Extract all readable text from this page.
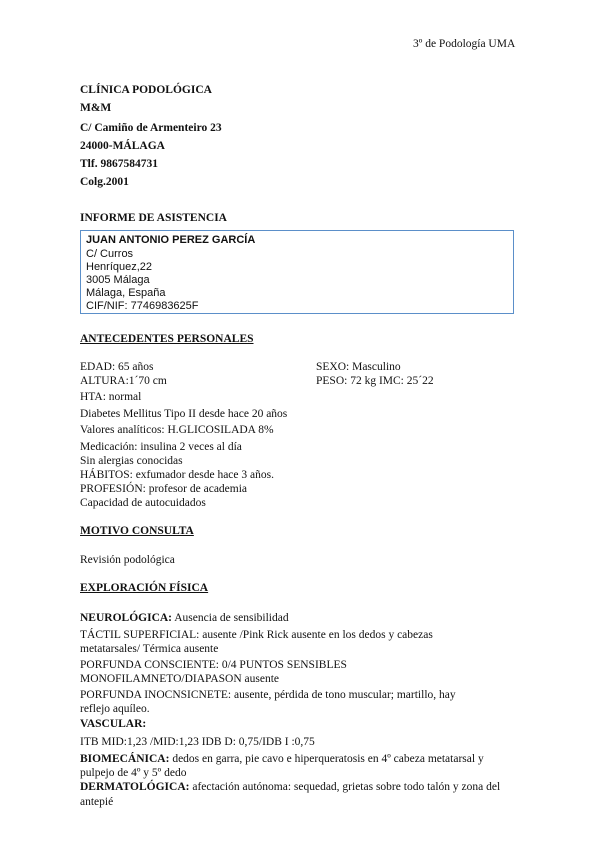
3º de Podología UMA
CLÍNICA PODOLÓGICA
M&M
C/ Camiño de Armenteiro 23
24000-MÁLAGA
Tlf. 9867584731
Colg.2001
INFORME DE ASISTENCIA
JUAN ANTONIO PEREZ GARCÍA
C/ Curros
Henríquez,22
3005 Málaga
Málaga, España
CIF/NIF: 7746983625F
ANTECEDENTES PERSONALES
EDAD: 65 años	SEXO: Masculino
ALTURA:1´70 cm	PESO: 72 kg IMC: 25´22
HTA: normal
Diabetes Mellitus Tipo II desde hace 20 años
Valores analíticos: H.GLICOSILADA 8%
Medicación: insulina 2 veces al día
Sin alergias conocidas
HÁBITOS: exfumador desde hace 3 años.
PROFESIÓN: profesor de academia
Capacidad de autocuidados
MOTIVO CONSULTA
Revisión podológica
EXPLORACIÓN FÍSICA
NEUROLÓGICA: Ausencia de sensibilidad
TÁCTIL SUPERFICIAL: ausente /Pink Rick ausente en los dedos y cabezas
metatarsales/ Térmica ausente
PORFUNDA CONSCIENTE: 0/4 PUNTOS SENSIBLES
MONOFILAMNETO/DIAPASON ausente
PORFUNDA INOCNSICNETE: ausente, pérdida de tono muscular; martillo, hay
reflejo aquíleo.
VASCULAR:
ITB MID:1,23 /MID:1,23 IDB D: 0,75/IDB I :0,75
BIOMECÁNICA: dedos en garra, pie cavo e hiperqueratosis en 4º cabeza metatarsal y
pulpejo de 4º y 5º dedo
DERMATOLÓGICA: afectación autónoma: sequedad, grietas sobre todo talón y zona del
antepié
